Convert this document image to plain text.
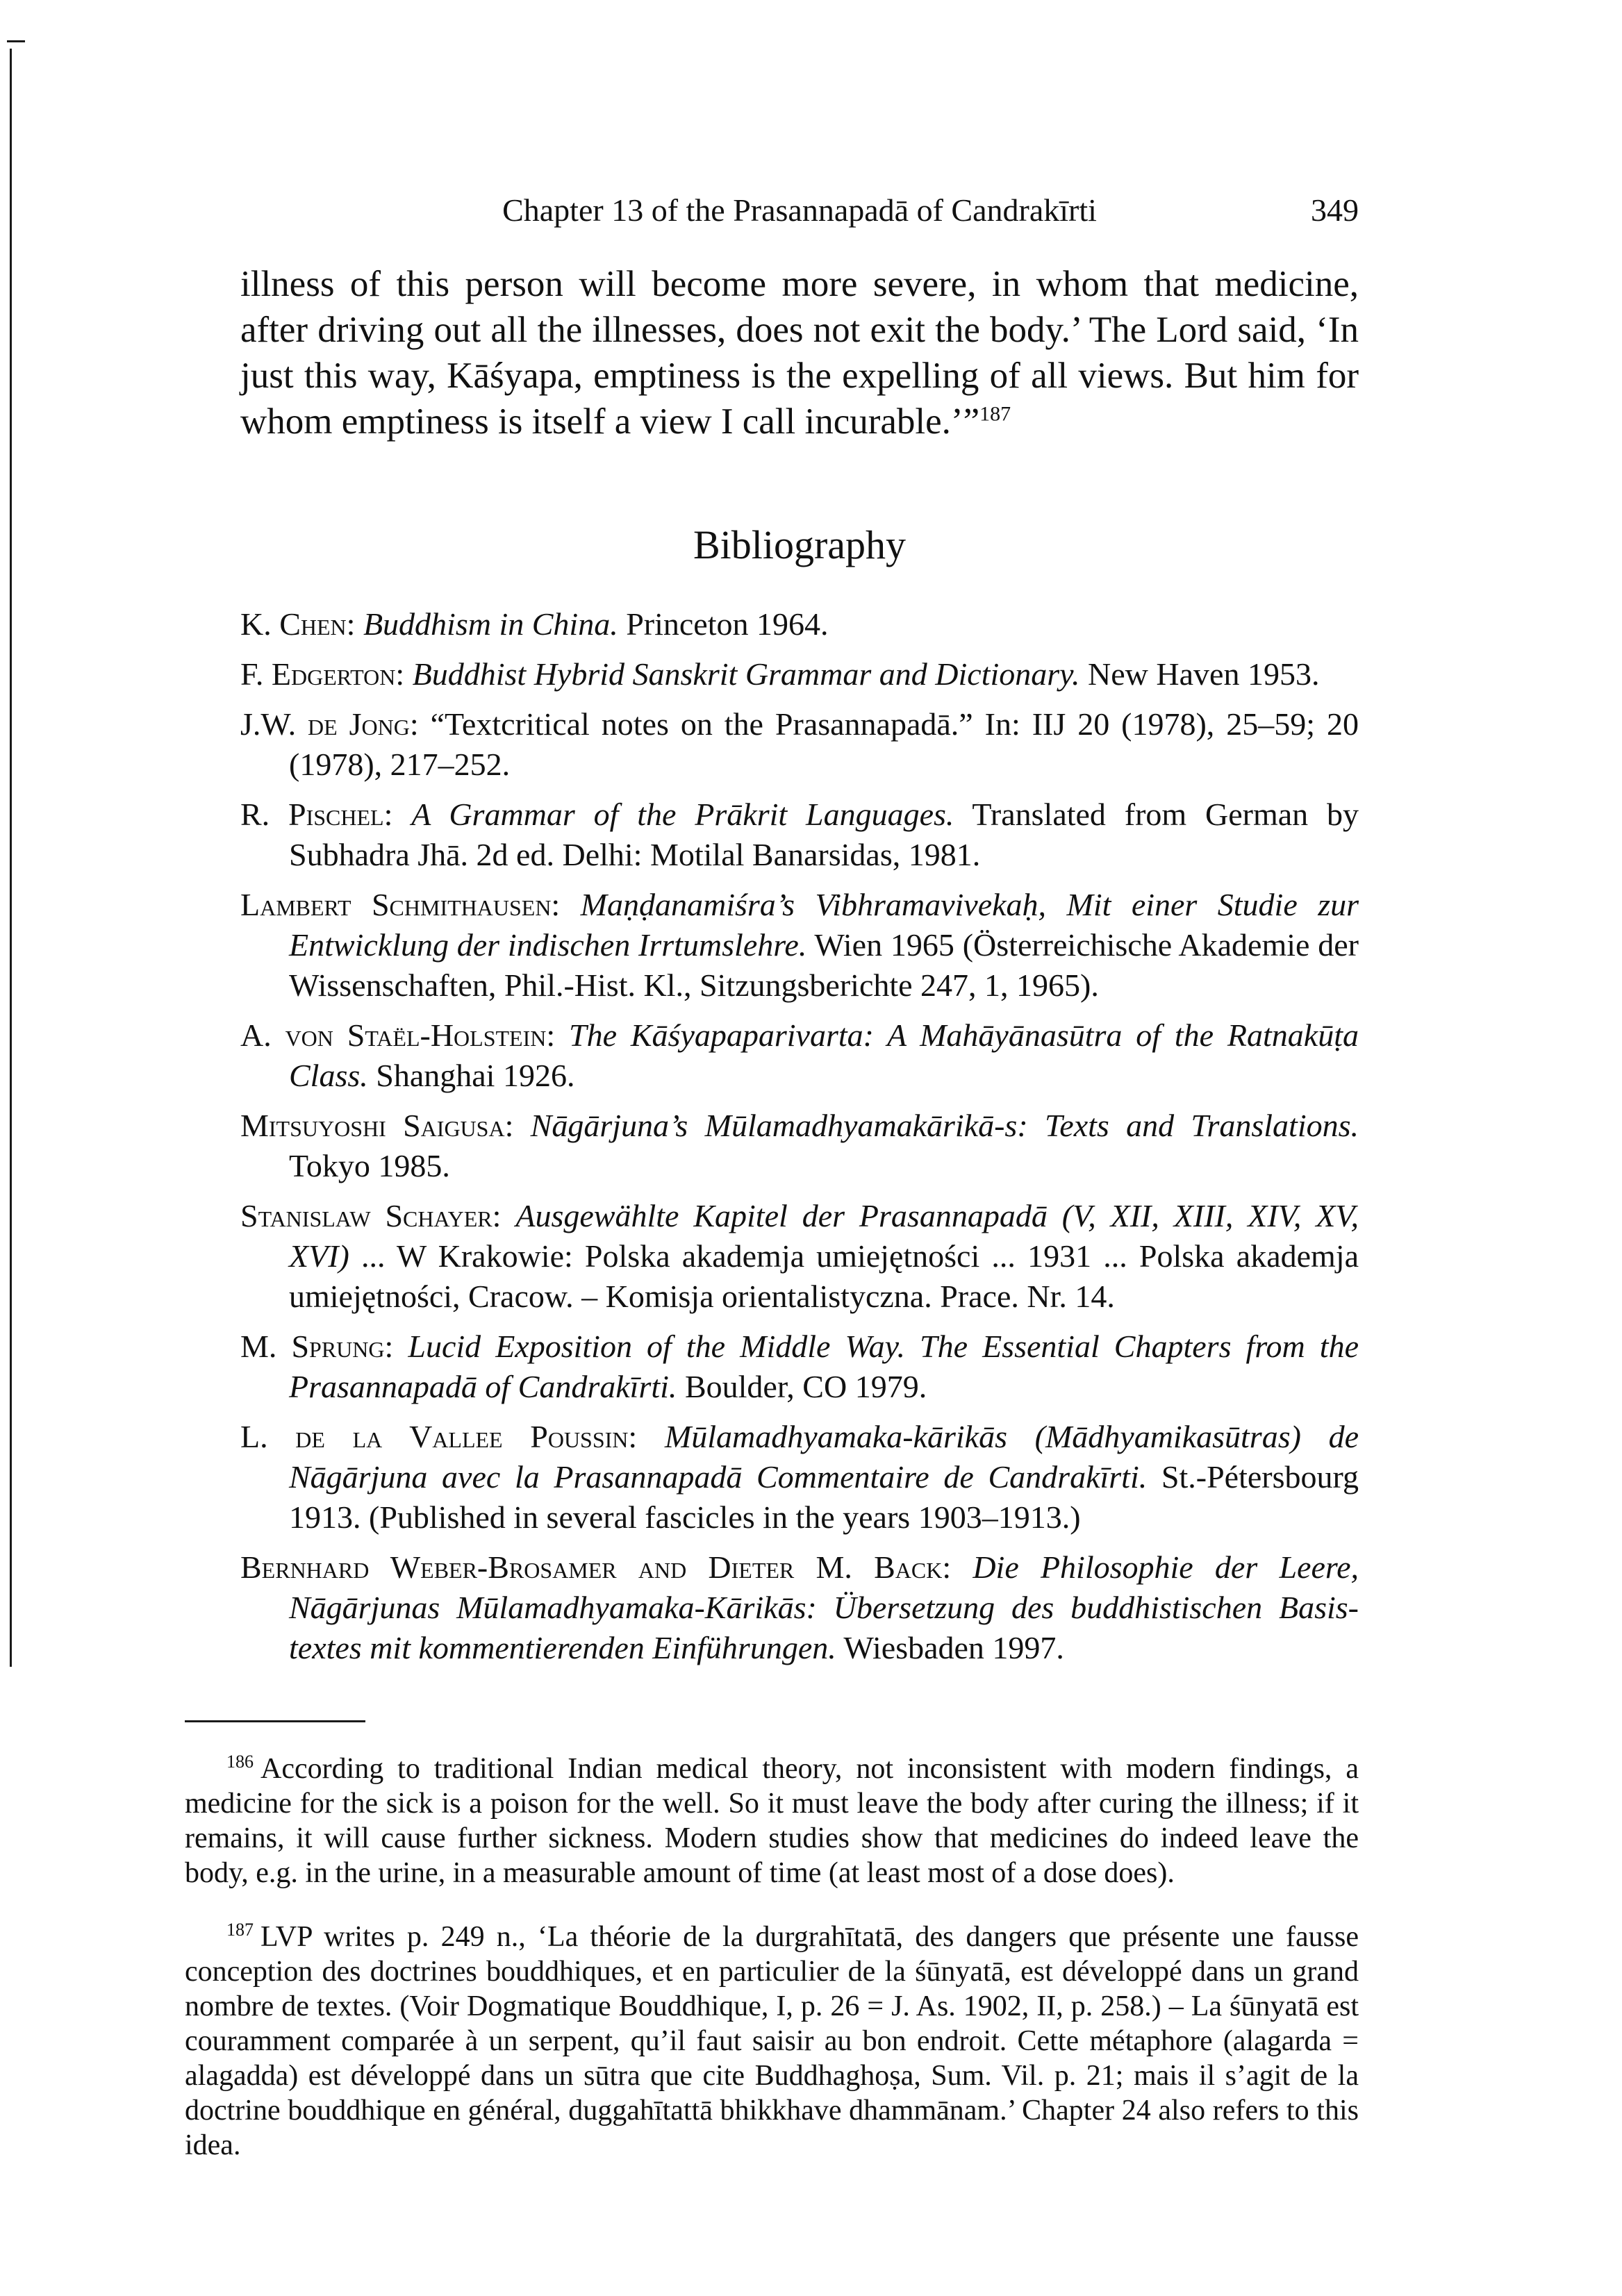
Chapter 13 of the Prasannapadā of Candrakīrti	349

illness of this person will become more severe, in whom that medicine, after driving out all the illnesses, does not exit the body.’ The Lord said, ‘In just this way, Kāśyapa, emptiness is the expelling of all views. But him for whom emptiness is itself a view I call incurable.’”$^{187}$

Bibliography
K. Chen: Buddhism in China. Princeton 1964.
F. Edgerton: Buddhist Hybrid Sanskrit Grammar and Dictionary. New Haven 1953.
J.W. de Jong: “Textcritical notes on the Prasannapadā.” In: IIJ 20 (1978), 25–59; 20 (1978), 217–252.
R. Pischel: A Grammar of the Prākrit Languages. Translated from German by Subhadra Jhā. 2d ed. Delhi: Motilal Banarsidas, 1981.
Lambert Schmithausen: Maṇḍanamiśra’s Vibhramavivekaḥ, Mit einer Studie zur Entwicklung der indischen Irrtumslehre. Wien 1965 (Österreichische Akademie der Wissenschaften, Phil.-Hist. Kl., Sitzungsberichte 247, 1, 1965).
A. von Staël-Holstein: The Kāśyapaparivarta: A Mahāyānasūtra of the Ratnakūṭa Class. Shanghai 1926.
Mitsuyoshi Saigusa: Nāgārjuna’s Mūlamadhyamakārikā-s: Texts and Translations. Tokyo 1985.
Stanislaw Schayer: Ausgewählte Kapitel der Prasannapadā (V, XII, XIII, XIV, XV, XVI) ... W Krakowie: Polska akademja umiejętności ... 1931 ... Polska akademja umiejętności, Cracow. – Komisja orientalistyczna. Prace. Nr. 14.
M. Sprung: Lucid Exposition of the Middle Way. The Essential Chapters from the Prasannapadā of Candrakīrti. Boulder, CO 1979.
L. de la Vallee Poussin: Mūlamadhyamaka-kārikās (Mādhyamikasūtras) de Nāgārjuna avec la Prasannapadā Commentaire de Candrakīrti. St.-Pétersbourg 1913. (Published in several fascicles in the years 1903–1913.)
Bernhard Weber-Brosamer and Dieter M. Back: Die Philosophie der Leere, Nāgārjunas Mūlamadhyamaka-Kārikās: Übersetzung des buddhistischen Basistextes mit kommentierenden Einführungen. Wiesbaden 1997.

$^{186}$ According to traditional Indian medical theory, not inconsistent with modern findings, a medicine for the sick is a poison for the well. So it must leave the body after curing the illness; if it remains, it will cause further sickness. Modern studies show that medicines do indeed leave the body, e.g. in the urine, in a measurable amount of time (at least most of a dose does).

$^{187}$ LVP writes p. 249 n., ‘La théorie de la durgrahītatā, des dangers que présente une fausse conception des doctrines bouddhiques, et en particulier de la śūnyatā, est développé dans un grand nombre de textes. (Voir Dogmatique Bouddhique, I, p. 26 = J. As. 1902, II, p. 258.) – La śūnyatā est couramment comparée à un serpent, qu’il faut saisir au bon endroit. Cette métaphore (alagarda = alagadda) est développé dans un sūtra que cite Buddhaghoṣa, Sum. Vil. p. 21; mais il s’agit de la doctrine bouddhique en général, duggahītattā bhikkhave dhammānam.’ Chapter 24 also refers to this idea.
